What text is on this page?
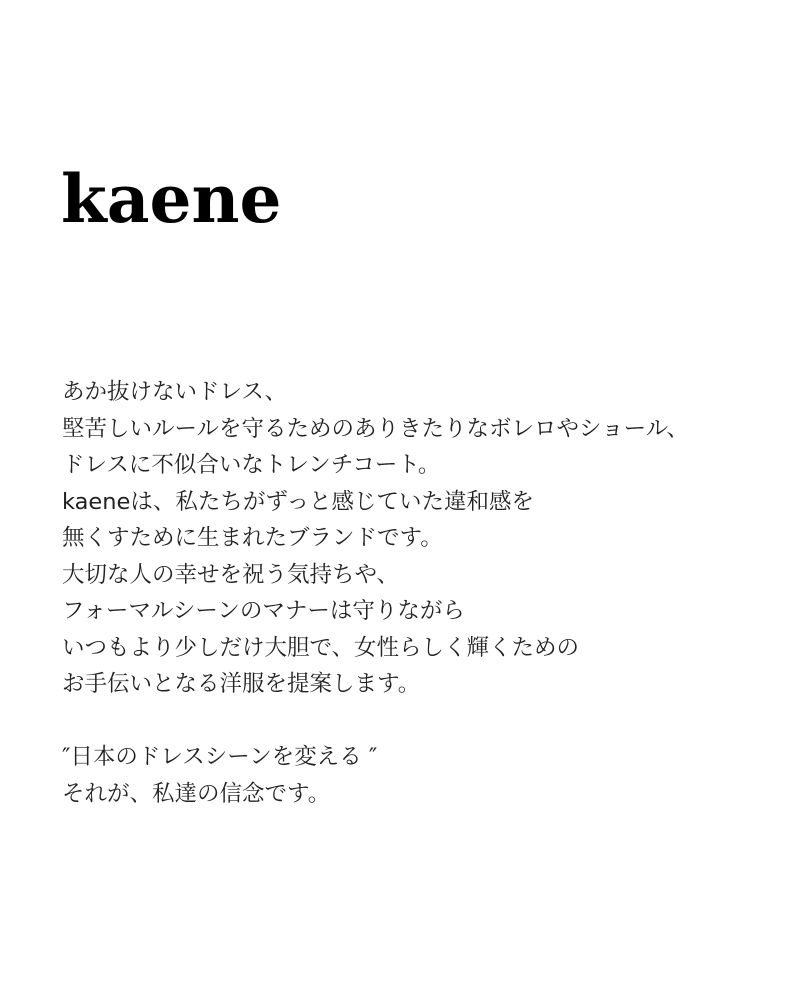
kaene
あか抜けないドレス、
堅苦しいルールを守るためのありきたりなボレロやショール、
ドレスに不似合いなトレンチコート。
kaeneは、私たちがずっと感じていた違和感を
無くすために生まれたブランドです。
大切な人の幸せを祝う気持ちや、
フォーマルシーンのマナーは守りながら
いつもより少しだけ大胆で、女性らしく輝くための
お手伝いとなる洋服を提案します。
″日本のドレスシーンを変える ″
それが、私達の信念です。
